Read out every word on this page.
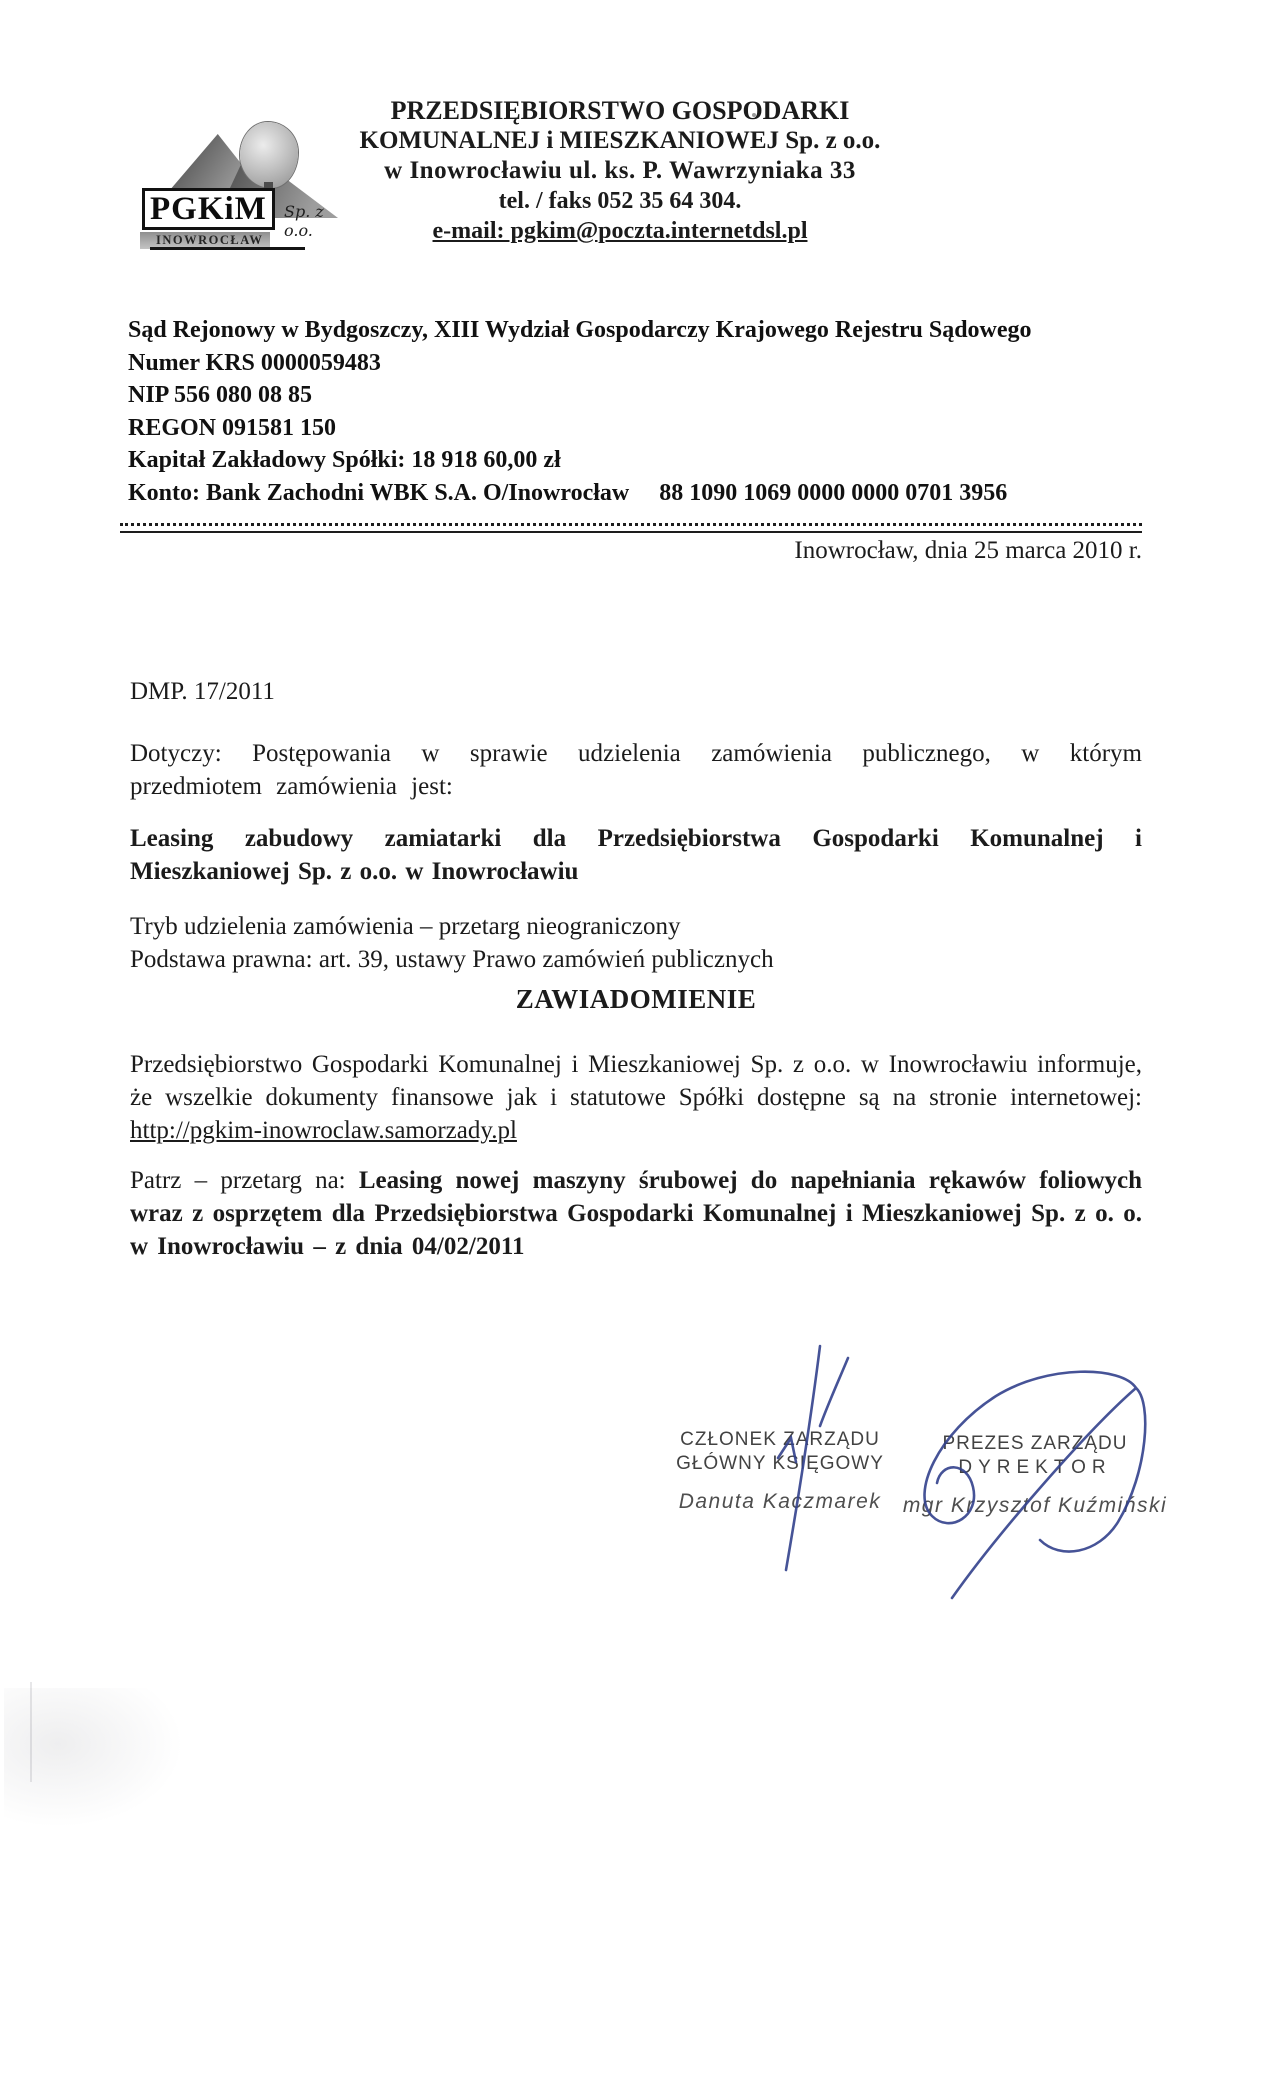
PGKiM	Sp. z o.o.
INOWROCŁAW
PRZEDSIĘBIORSTWO GOSPODARKI
KOMUNALNEJ i MIESZKANIOWEJ Sp. z o.o.
w Inowrocławiu ul. ks. P. Wawrzyniaka 33
tel. / faks 052 35 64 304.
e-mail: pgkim@poczta.internetdsl.pl
Sąd Rejonowy w Bydgoszczy, XIII Wydział Gospodarczy Krajowego Rejestru Sądowego
Numer KRS 0000059483
NIP 556 080 08 85
REGON 091581 150
Kapitał Zakładowy Spółki: 18 918 60,00 zł
Konto: Bank Zachodni WBK S.A. O/Inowrocław 88 1090 1069 0000 0000 0701 3956
Inowrocław, dnia 25 marca 2010 r.
DMP. 17/2011
Dotyczy: Postępowania w sprawie udzielenia zamówienia publicznego, w którym przedmiotem zamówienia jest:
Leasing zabudowy zamiatarki dla Przedsiębiorstwa Gospodarki Komunalnej i Mieszkaniowej Sp. z o.o. w Inowrocławiu
Tryb udzielenia zamówienia – przetarg nieograniczony
Podstawa prawna: art. 39, ustawy Prawo zamówień publicznych
ZAWIADOMIENIE
Przedsiębiorstwo Gospodarki Komunalnej i Mieszkaniowej Sp. z o.o. w Inowrocławiu informuje, że wszelkie dokumenty finansowe jak i statutowe Spółki dostępne są na stronie internetowej: http://pgkim-inowroclaw.samorzady.pl
Patrz – przetarg na: Leasing nowej maszyny śrubowej do napełniania rękawów foliowych wraz z osprzętem dla Przedsiębiorstwa Gospodarki Komunalnej i Mieszkaniowej Sp. z o. o. w Inowrocławiu – z dnia 04/02/2011
CZŁONEK ZARZĄDU
GŁÓWNY KSIĘGOWY
Danuta Kaczmarek
PREZES ZARZĄDU
DYREKTOR
mgr Krzysztof Kuźmiński
